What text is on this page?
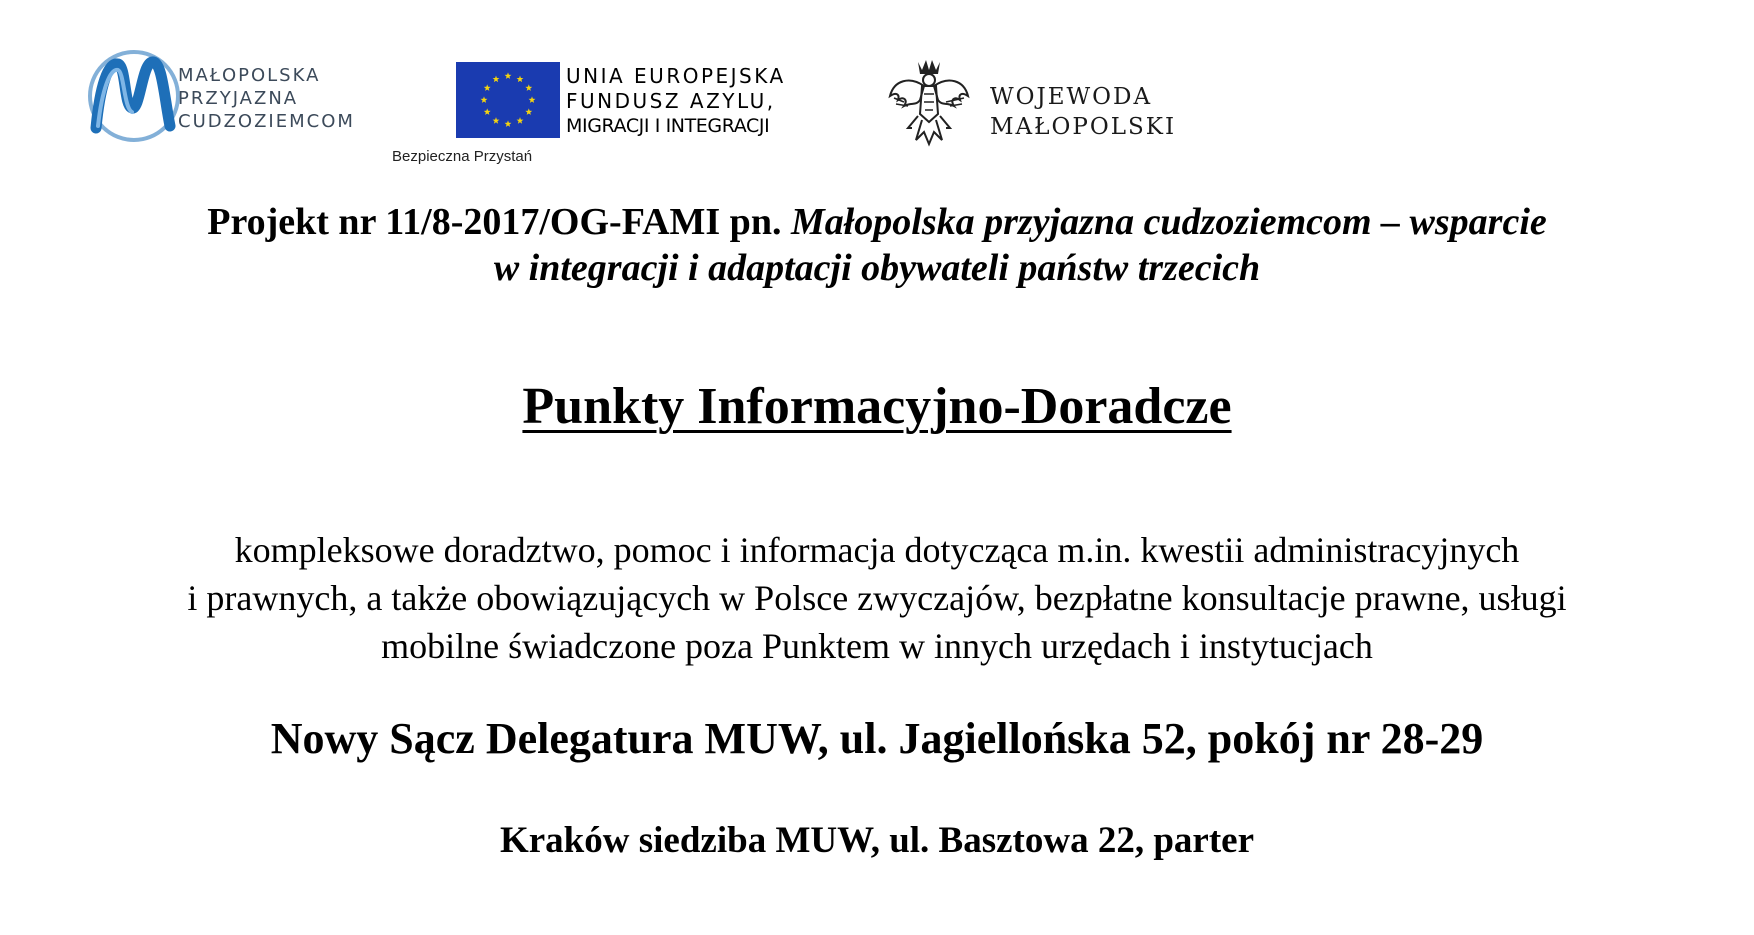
MAŁOPOLSKA
PRZYJAZNA
CUDZOZIEMCOM
UNIA EUROPEJSKA
FUNDUSZ AZYLU,
MIGRACJI I INTEGRACJI
Bezpieczna Przystań
WOJEWODA
MAŁOPOLSKI
Projekt nr 11/8-2017/OG-FAMI pn. Małopolska przyjazna cudzoziemcom – wsparcie
w integracji i adaptacji obywateli państw trzecich
Punkty Informacyjno-Doradcze
kompleksowe doradztwo, pomoc i informacja dotycząca m.in. kwestii administracyjnych
i prawnych, a także obowiązujących w Polsce zwyczajów, bezpłatne konsultacje prawne, usługi
mobilne świadczone poza Punktem w innych urzędach i instytucjach
Nowy Sącz Delegatura MUW, ul. Jagiellońska 52, pokój nr 28-29
Kraków siedziba MUW, ul. Basztowa 22, parter
